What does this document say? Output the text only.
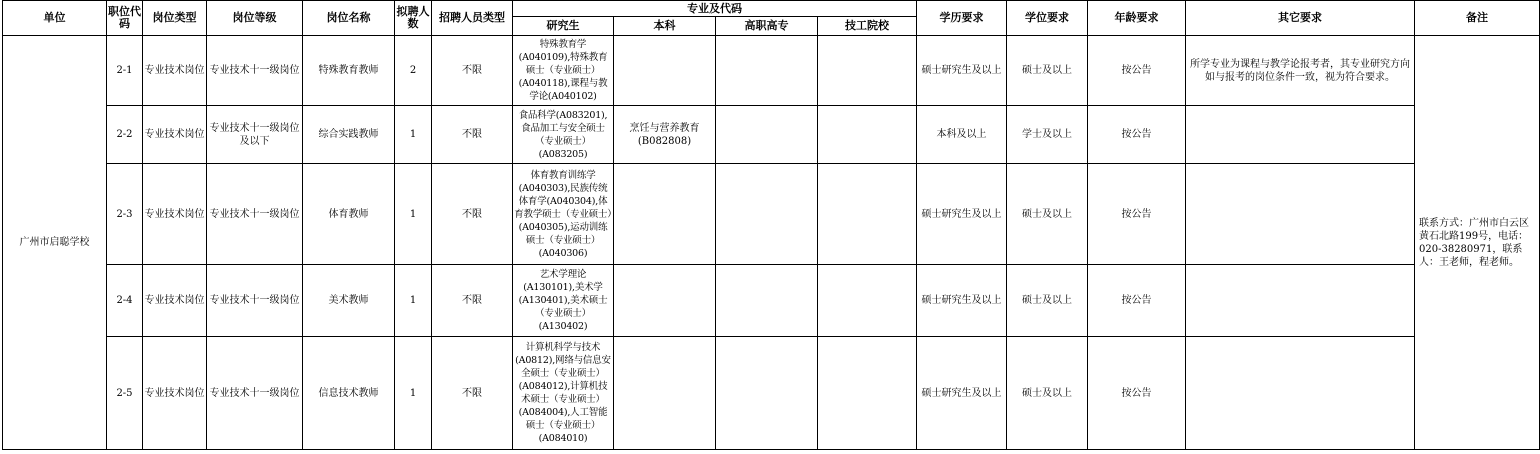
单位	职位代码	岗位类型	岗位等级	岗位名称	拟聘人数	招聘人员类型	专业及代码				学历要求	学位要求	年龄要求	其它要求	备注
							研究生	本科	高职高专	技工院校					
广州市启聪学校	2-1	专业技术岗位	专业技术十一级岗位	特殊教育教师	2	不限	特殊教育学(A040109),特殊教育硕士（专业硕士）(A040118),课程与教学论(A040102)				硕士研究生及以上	硕士及以上	按公告	所学专业为课程与教学论报考者，其专业研究方向如与报考的岗位条件一致，视为符合要求。	联系方式：广州市白云区黄石北路199号，电话：020-38280971，联系人：王老师，程老师。
	2-2	专业技术岗位	专业技术十一级岗位及以下	综合实践教师	1	不限	食品科学(A083201),食品加工与安全硕士（专业硕士）(A083205)	烹饪与营养教育(B082808)			本科及以上	学士及以上	按公告		
	2-3	专业技术岗位	专业技术十一级岗位	体育教师	1	不限	体育教育训练学(A040303),民族传统体育学(A040304),体育教学硕士（专业硕士）(A040305),运动训练硕士（专业硕士）(A040306)				硕士研究生及以上	硕士及以上	按公告		
	2-4	专业技术岗位	专业技术十一级岗位	美术教师	1	不限	艺术学理论(A130101),美术学(A130401),美术硕士（专业硕士）(A130402)				硕士研究生及以上	硕士及以上	按公告		
	2-5	专业技术岗位	专业技术十一级岗位	信息技术教师	1	不限	计算机科学与技术(A0812),网络与信息安全硕士（专业硕士）(A084012),计算机技术硕士（专业硕士）(A084004),人工智能硕士（专业硕士）(A084010)				硕士研究生及以上	硕士及以上	按公告		
